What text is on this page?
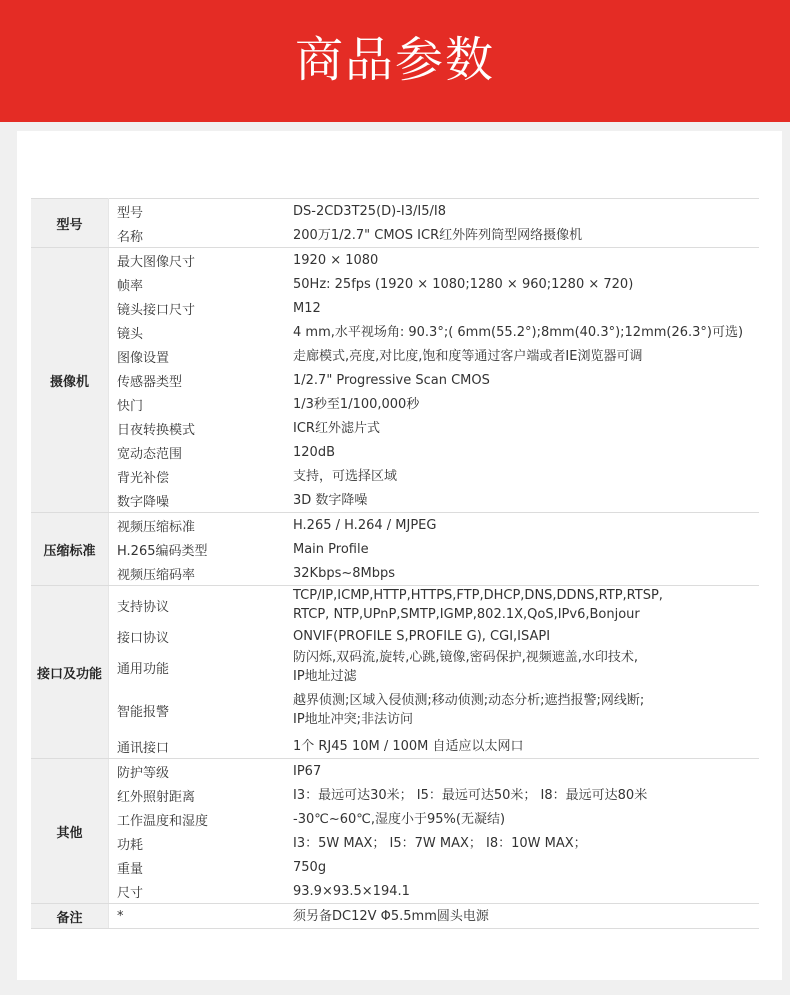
商品参数
型号	型号	DS-2CD3T25(D)-I3/I5/I8
	名称	200万1/2.7" CMOS ICR红外阵列筒型网络摄像机
摄像机	最大图像尺寸	1920 × 1080
	帧率	50Hz: 25fps (1920 × 1080;1280 × 960;1280 × 720)
	镜头接口尺寸	M12
	镜头	4 mm,水平视场角: 90.3°;( 6mm(55.2°);8mm(40.3°);12mm(26.3°)可选)
	图像设置	走廊模式,亮度,对比度,饱和度等通过客户端或者IE浏览器可调
	传感器类型	1/2.7" Progressive Scan CMOS
	快门	1/3秒至1/100,000秒
	日夜转换模式	ICR红外滤片式
	宽动态范围	120dB
	背光补偿	支持，可选择区域
	数字降噪	3D 数字降噪
压缩标准	视频压缩标准	H.265 / H.264 / MJPEG
	H.265编码类型	Main Profile
	视频压缩码率	32Kbps~8Mbps
接口及功能	支持协议	TCP/IP,ICMP,HTTP,HTTPS,FTP,DHCP,DNS,DDNS,RTP,RTSP,
RTCP, NTP,UPnP,SMTP,IGMP,802.1X,QoS,IPv6,Bonjour

	接口协议	ONVIF(PROFILE S,PROFILE G), CGI,ISAPI
	通用功能	防闪烁,双码流,旋转,心跳,镜像,密码保护,视频遮盖,水印技术,
IP地址过滤

	智能报警	越界侦测;区域入侵侦测;移动侦测;动态分析;遮挡报警;网线断;
IP地址冲突;非法访问

	通讯接口	1个 RJ45 10M / 100M 自适应以太网口
其他	防护等级	IP67
	红外照射距离	I3：最远可达30米； I5：最远可达50米； I8：最远可达80米
	工作温度和湿度	-30℃~60℃,湿度小于95%(无凝结)
	功耗	I3：5W MAX； I5：7W MAX； I8：10W MAX；
	重量	750g
	尺寸	93.9×93.5×194.1
备注	*	须另备DC12V Φ5.5mm圆头电源
